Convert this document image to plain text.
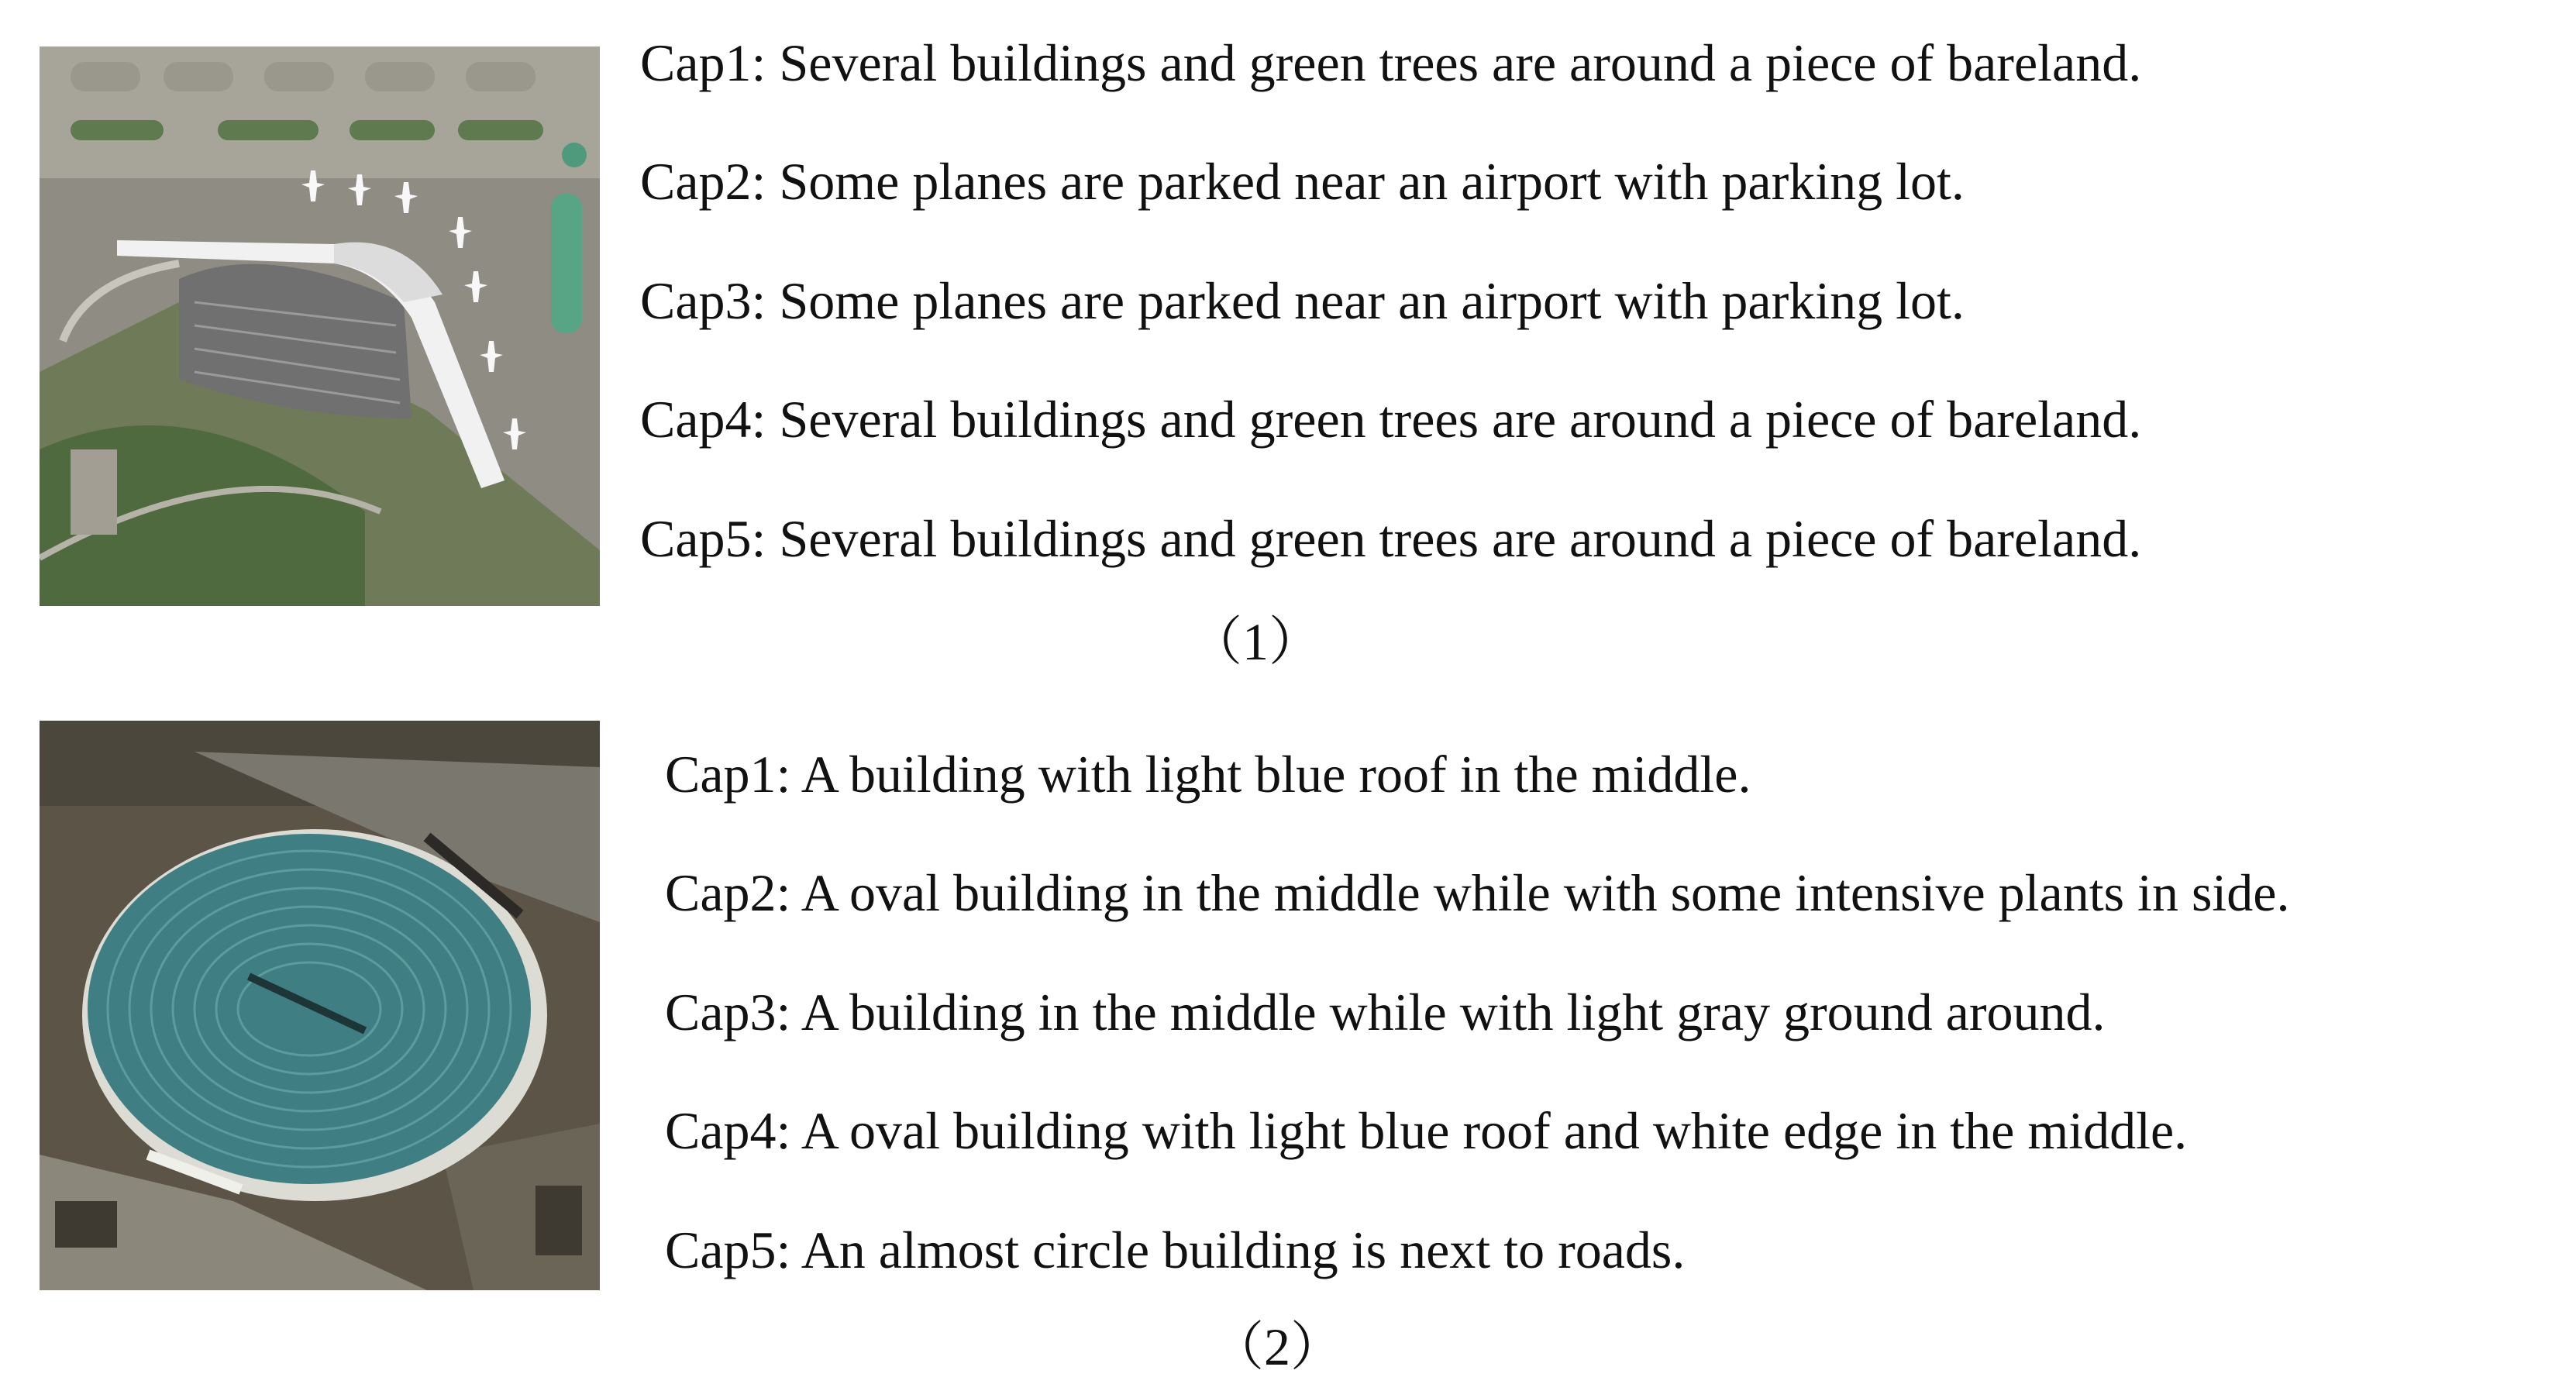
Cap1: Several buildings and green trees are around a piece of bareland.
Cap2: Some planes are parked near an airport with parking lot.
Cap3: Some planes are parked near an airport with parking lot.
Cap4: Several buildings and green trees are around a piece of bareland.
Cap5: Several buildings and green trees are around a piece of bareland.
（1）
Cap1: A building with light blue roof in the middle.
Cap2: A oval building in the middle while with some intensive plants in side.
Cap3: A building in the middle while with light gray ground around.
Cap4: A oval building with light blue roof and white edge in the middle.
Cap5: An almost circle building is next to roads.
（2）
